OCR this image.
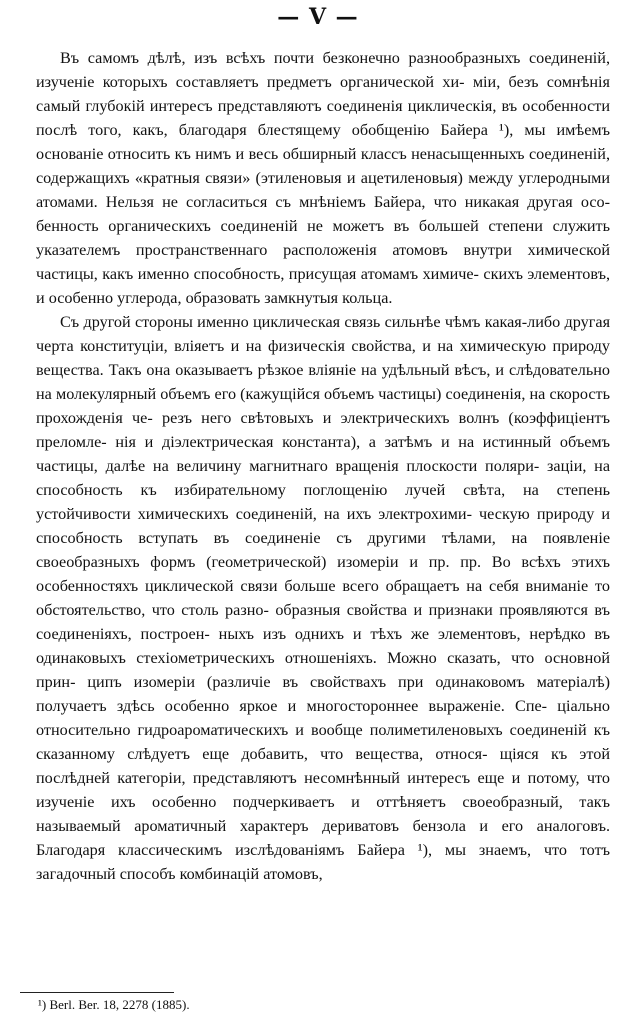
— V —

Въ самомъ дѣлѣ, изъ всѣхъ почти безконечно разнообразныхъ соединеній, изученіе которыхъ составляетъ предметъ органической хи- міи, безъ сомнѣнія самый глубокій интересъ представляютъ соединенія циклическія, въ особенности послѣ того, какъ, благодаря блестящему обобщенію Байера ¹), мы имѣемъ основаніе относить къ нимъ и весь обширный классъ ненасыщенныхъ соединеній, содержащихъ «кратныя связи» (этиленовыя и ацетиленовыя) между углеродными атомами. Нельзя не согласиться съ мнѣніемъ Байера, что никакая другая осо- бенность органическихъ соединеній не можетъ въ большей степени служить указателемъ пространственнаго расположенія атомовъ внутри химической частицы, какъ именно способность, присущая атомамъ химиче- скихъ элементовъ, и особенно углерода, образовать замкнутыя кольца.

Съ другой стороны именно циклическая связь сильнѣе чѣмъ какая-либо другая черта конституціи, вліяетъ и на физическія свойства, и на химическую природу вещества. Такъ она оказываетъ рѣзкое вліяніе на удѣльный вѣсъ, и слѣдовательно на молекулярный объемъ его (кажущійся объемъ частицы) соединенія, на скорость прохожденія че- резъ него свѣтовыхъ и электрическихъ волнъ (коэффиціентъ преломле- нія и діэлектрическая константа), а затѣмъ и на истинный объемъ частицы, далѣе на величину магнитнаго вращенія плоскости поляри- заціи, на способность къ избирательному поглощенію лучей свѣта, на степень устойчивости химическихъ соединеній, на ихъ электрохими- ческую природу и способность вступать въ соединеніе съ другими тѣлами, на появленіе своеобразныхъ формъ (геометрической) изомеріи и пр. пр. Во всѣхъ этихъ особенностяхъ циклической связи больше всего обращаетъ на себя вниманіе то обстоятельство, что столь разно- образныя свойства и признаки проявляются въ соединеніяхъ, построен- ныхъ изъ однихъ и тѣхъ же элементовъ, нерѣдко въ одинаковыхъ стехіометрическихъ отношеніяхъ. Можно сказать, что основной прин- ципъ изомеріи (различіе въ свойствахъ при одинаковомъ матеріалѣ) получаетъ здѣсь особенно яркое и многостороннее выраженіе. Спе- ціально относительно гидроароматическихъ и вообще полиметиленовыхъ соединеній къ сказанному слѣдуетъ еще добавить, что вещества, относя- щіяся къ этой послѣдней категоріи, представляютъ несомнѣнный интересъ еще и потому, что изученіе ихъ особенно подчеркиваетъ и оттѣняетъ своеобразный, такъ называемый ароматичный характеръ дериватовъ бензола и его аналоговъ. Благодаря классическимъ изслѣдованіямъ Байера ¹), мы знаемъ, что тотъ загадочный способъ комбинацій атомовъ,

¹) Berl. Ber. 18, 2278 (1885).
